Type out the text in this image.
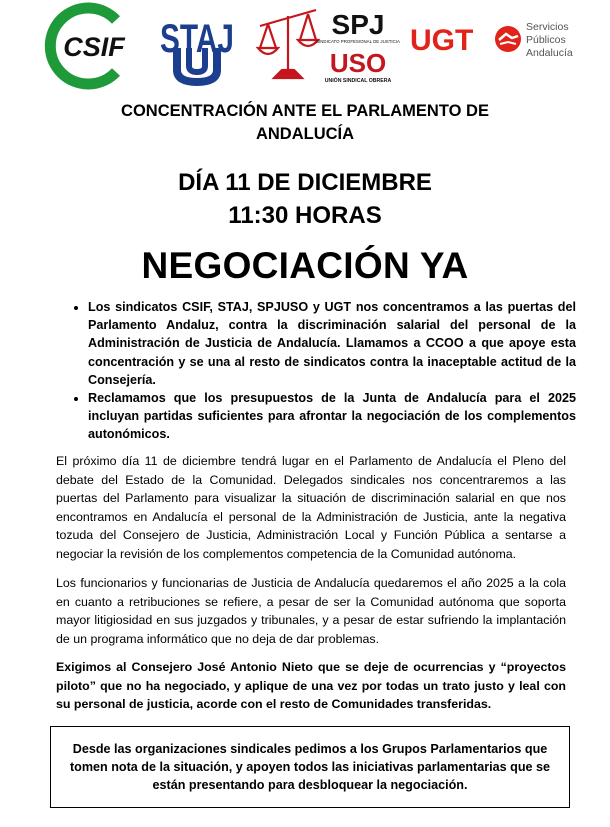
CSIF STAJ	SPJ
SINDICATO PROFESIONAL DE JUSTICIA
USO
UNIÓN SINDICAL OBRERA
UGT	Servicios
Públicos
Andalucía
CONCENTRACIÓN ANTE EL PARLAMENTO DE
ANDALUCÍA
DÍA 11 DE DICIEMBRE
11:30 HORAS
NEGOCIACIÓN YA
• Los sindicatos CSIF, STAJ, SPJUSO y UGT nos concentramos a las puertas del Parlamento Andaluz, contra la discriminación salarial del personal de la Administración de Justicia de Andalucía. Llamamos a CCOO a que apoye esta concentración y se una al resto de sindicatos contra la inaceptable actitud de la Consejería.
• Reclamamos que los presupuestos de la Junta de Andalucía para el 2025 incluyan partidas suficientes para afrontar la negociación de los complementos autonómicos.

El próximo día 11 de diciembre tendrá lugar en el Parlamento de Andalucía el Pleno del debate del Estado de la Comunidad. Delegados sindicales nos concentraremos a las puertas del Parlamento para visualizar la situación de discriminación salarial en que nos encontramos en Andalucía el personal de la Administración de Justicia, ante la negativa tozuda del Consejero de Justicia, Administración Local y Función Pública a sentarse a negociar la revisión de los complementos competencia de la Comunidad autónoma.

Los funcionarios y funcionarias de Justicia de Andalucía quedaremos el año 2025 a la cola en cuanto a retribuciones se refiere, a pesar de ser la Comunidad autónoma que soporta mayor litigiosidad en sus juzgados y tribunales, y a pesar de estar sufriendo la implantación de un programa informático que no deja de dar problemas.

Exigimos al Consejero José Antonio Nieto que se deje de ocurrencias y “proyectos piloto” que no ha negociado, y aplique de una vez por todas un trato justo y leal con su personal de justicia, acorde con el resto de Comunidades transferidas.

Desde las organizaciones sindicales pedimos a los Grupos Parlamentarios que tomen nota de la situación, y apoyen todos las iniciativas parlamentarias que se están presentando para desbloquear la negociación.
